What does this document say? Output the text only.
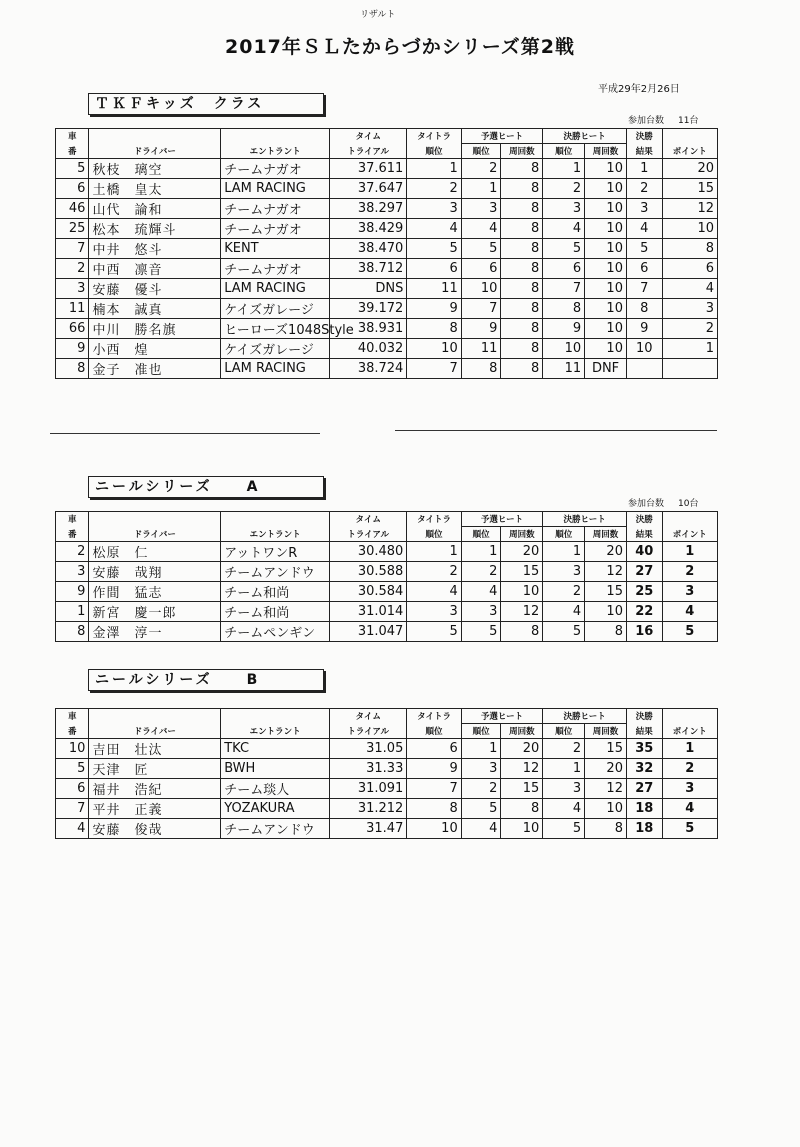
リザルト
2017年ＳＬたからづかシリーズ第2戦
平成29年2月26日
ＴＫＦキッズ　クラス
参加台数 11台
車			タイム	タイトラ	予選ヒート		決勝ヒート		決勝	
番	ドライバー	エントラント	トライアル	順位	順位	周回数	順位	周回数	結果	ポイント
5	秋枝　璃空	チームナガオ	37.611	1	2	8	1	10	1	20
6	土橋　皇太	LAM RACING	37.647	2	1	8	2	10	2	15
46	山代　論和	チームナガオ	38.297	3	3	8	3	10	3	12
25	松本　琉輝斗	チームナガオ	38.429	4	4	8	4	10	4	10
7	中井　悠斗	KENT	38.470	5	5	8	5	10	5	8
2	中西　凛音	チームナガオ	38.712	6	6	8	6	10	6	6
3	安藤　優斗	LAM RACING	DNS	11	10	8	7	10	7	4
11	楠本　誠真	ケイズガレージ	39.172	9	7	8	8	10	8	3
66	中川　勝名旗	ヒーローズ1048Style	38.931	8	9	8	9	10	9	2
9	小西　煌	ケイズガレージ	40.032	10	11	8	10	10	10	1
8	金子　准也	LAM RACING	38.724	7	8	8	11	DNF		
ニールシリーズ　　A
参加台数 10台
車			タイム	タイトラ	予選ヒート		決勝ヒート		決勝	
番	ドライバー	エントラント	トライアル	順位	順位	周回数	順位	周回数	結果	ポイント
2	松原　仁	アットワンR	30.480	1	1	20	1	20	40	1
3	安藤　哉翔	チームアンドウ	30.588	2	2	15	3	12	27	2
9	作間　猛志	チーム和尚	30.584	4	4	10	2	15	25	3
1	新宮　慶一郎	チーム和尚	31.014	3	3	12	4	10	22	4
8	金澤　淳一	チームペンギン	31.047	5	5	8	5	8	16	5
ニールシリーズ　　B
車			タイム	タイトラ	予選ヒート		決勝ヒート		決勝	
番	ドライバー	エントラント	トライアル	順位	順位	周回数	順位	周回数	結果	ポイント
10	吉田　壮汰	TKC	31.05	6	1	20	2	15	35	1
5	天津　匠	BWH	31.33	9	3	12	1	20	32	2
6	福井　浩紀	チーム琰人	31.091	7	2	15	3	12	27	3
7	平井　正義	YOZAKURA	31.212	8	5	8	4	10	18	4
4	安藤　俊哉	チームアンドウ	31.47	10	4	10	5	8	18	5
